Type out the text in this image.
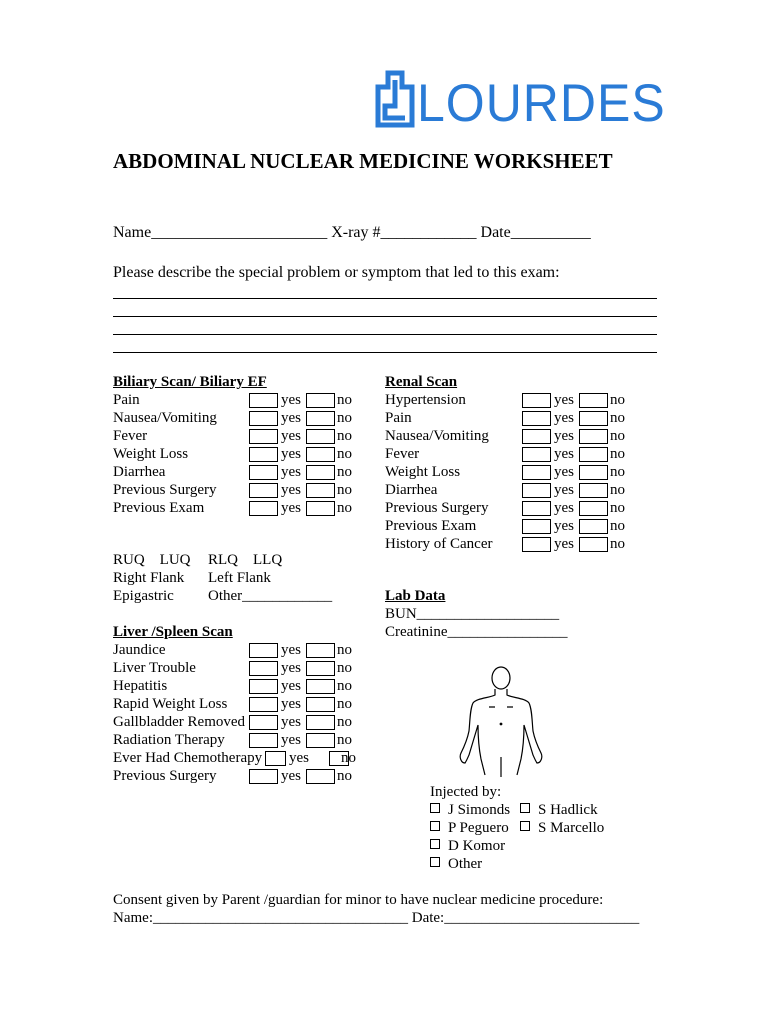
LOURDES
ABDOMINAL NUCLEAR MEDICINE WORKSHEET
Name______________________ X-ray #____________ Date__________
Please describe the special problem or symptom that led to this exam:
Biliary Scan/ Biliary EF
Pain	yes no
Nausea/Vomiting	yes no
Fever	yes no
Weight Loss	yes no
Diarrhea	yes no
Previous Surgery	yes no
Previous Exam	yes no
Liver /Spleen Scan
Jaundice	yes no
Liver Trouble	yes no
Hepatitis	yes no
Rapid Weight Loss	yes no
Gallbladder Removed yes no
Radiation Therapy	yes no
Ever Had Chemotherapy yes no
Previous Surgery	yes no
Renal Scan
Hypertension	yes no
Pain	yes no
Nausea/Vomiting	yes no
Fever	yes no
Weight Loss	yes no
Diarrhea	yes no
Previous Surgery	yes no
Previous Exam	yes no
History of Cancer	yes no
RUQ    LUQ RLQ    LLQ
Right Flank Left Flank
Epigastric Other____________	Lab Data
BUN___________________
Creatinine________________
Injected by:
J Simonds	S Hadlick
P Peguero	S Marcello
D Komor
Other
Consent given by Parent /guardian for minor to have nuclear medicine procedure:
Name:__________________________________ Date:__________________________
